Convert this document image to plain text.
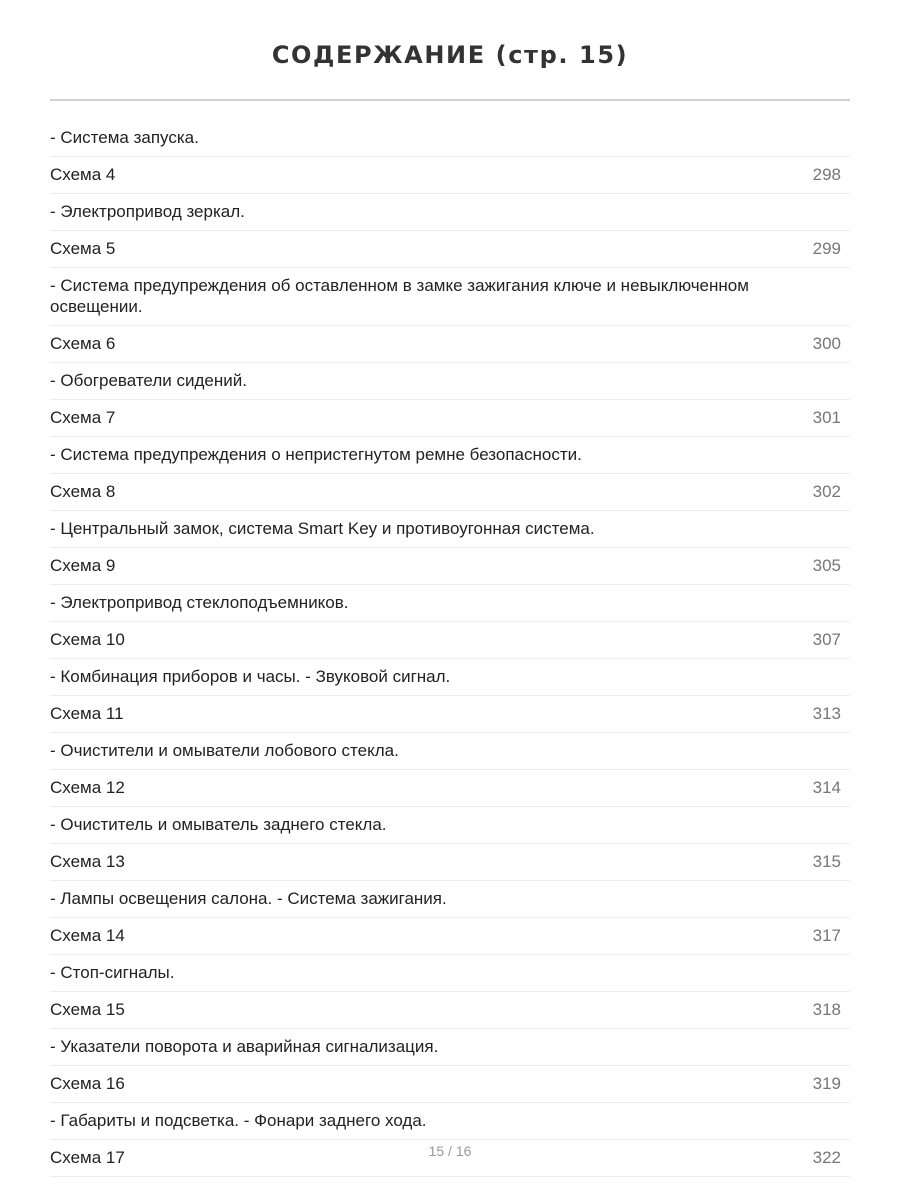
СОДЕРЖАНИЕ (стр. 15)
- Система запуска.
Схема 4	298
- Электропривод зеркал.
Схема 5	299
- Система предупреждения об оставленном в замке зажигания ключе и невыключенном освещении.
Схема 6	300
- Обогреватели сидений.
Схема 7	301
- Система предупреждения о непристегнутом ремне безопасности.
Схема 8	302
- Центральный замок, система Smart Key и противоугонная система.
Схема 9	305
- Электропривод стеклоподъемников.
Схема 10	307
- Комбинация приборов и часы. - Звуковой сигнал.
Схема 11	313
- Очистители и омыватели лобового стекла.
Схема 12	314
- Очиститель и омыватель заднего стекла.
Схема 13	315
- Лампы освещения салона. - Система зажигания.
Схема 14	317
- Стоп-сигналы.
Схема 15	318
- Указатели поворота и аварийная сигнализация.
Схема 16	319
- Габариты и подсветка. - Фонари заднего хода.
Схема 17	322
15 / 16
